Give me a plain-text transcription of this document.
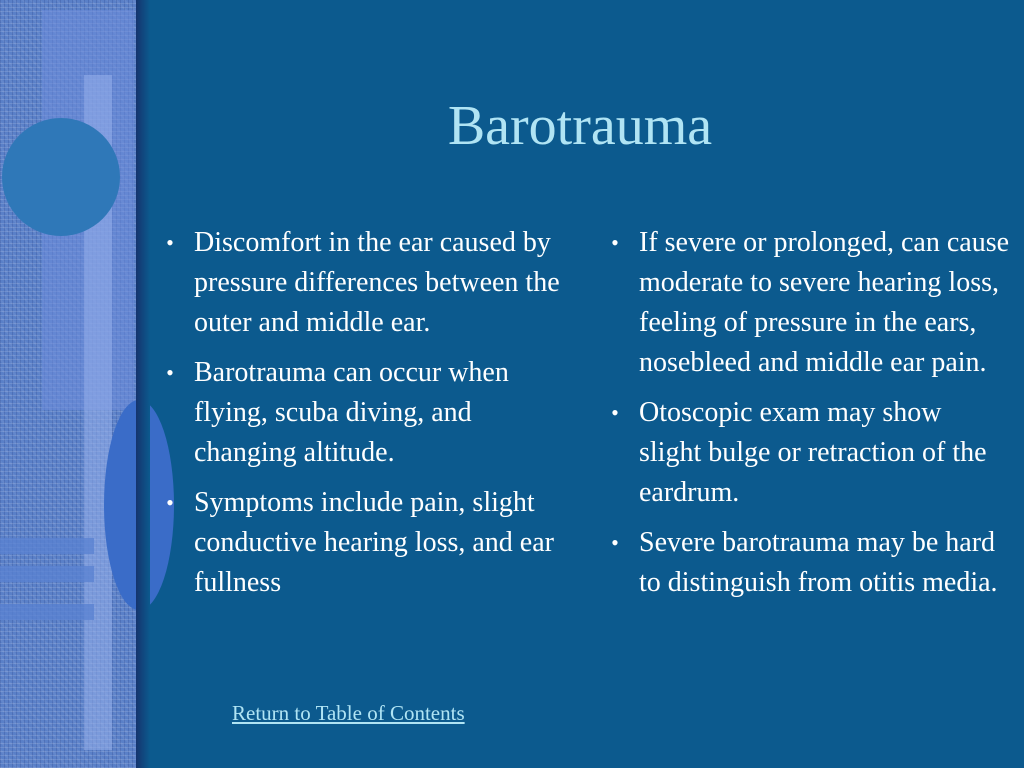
Barotrauma
• Discomfort in the ear caused by pressure differences between the outer and middle ear.
• Barotrauma can occur when flying, scuba diving, and changing altitude.
• Symptoms include pain, slight conductive hearing loss, and ear fullness
• If severe or prolonged, can cause moderate to severe hearing loss, feeling of pressure in the ears, nosebleed and middle ear pain.
• Otoscopic exam may show slight bulge or retraction of the eardrum.
• Severe barotrauma may be hard to distinguish from otitis media.
Return to Table of Contents
